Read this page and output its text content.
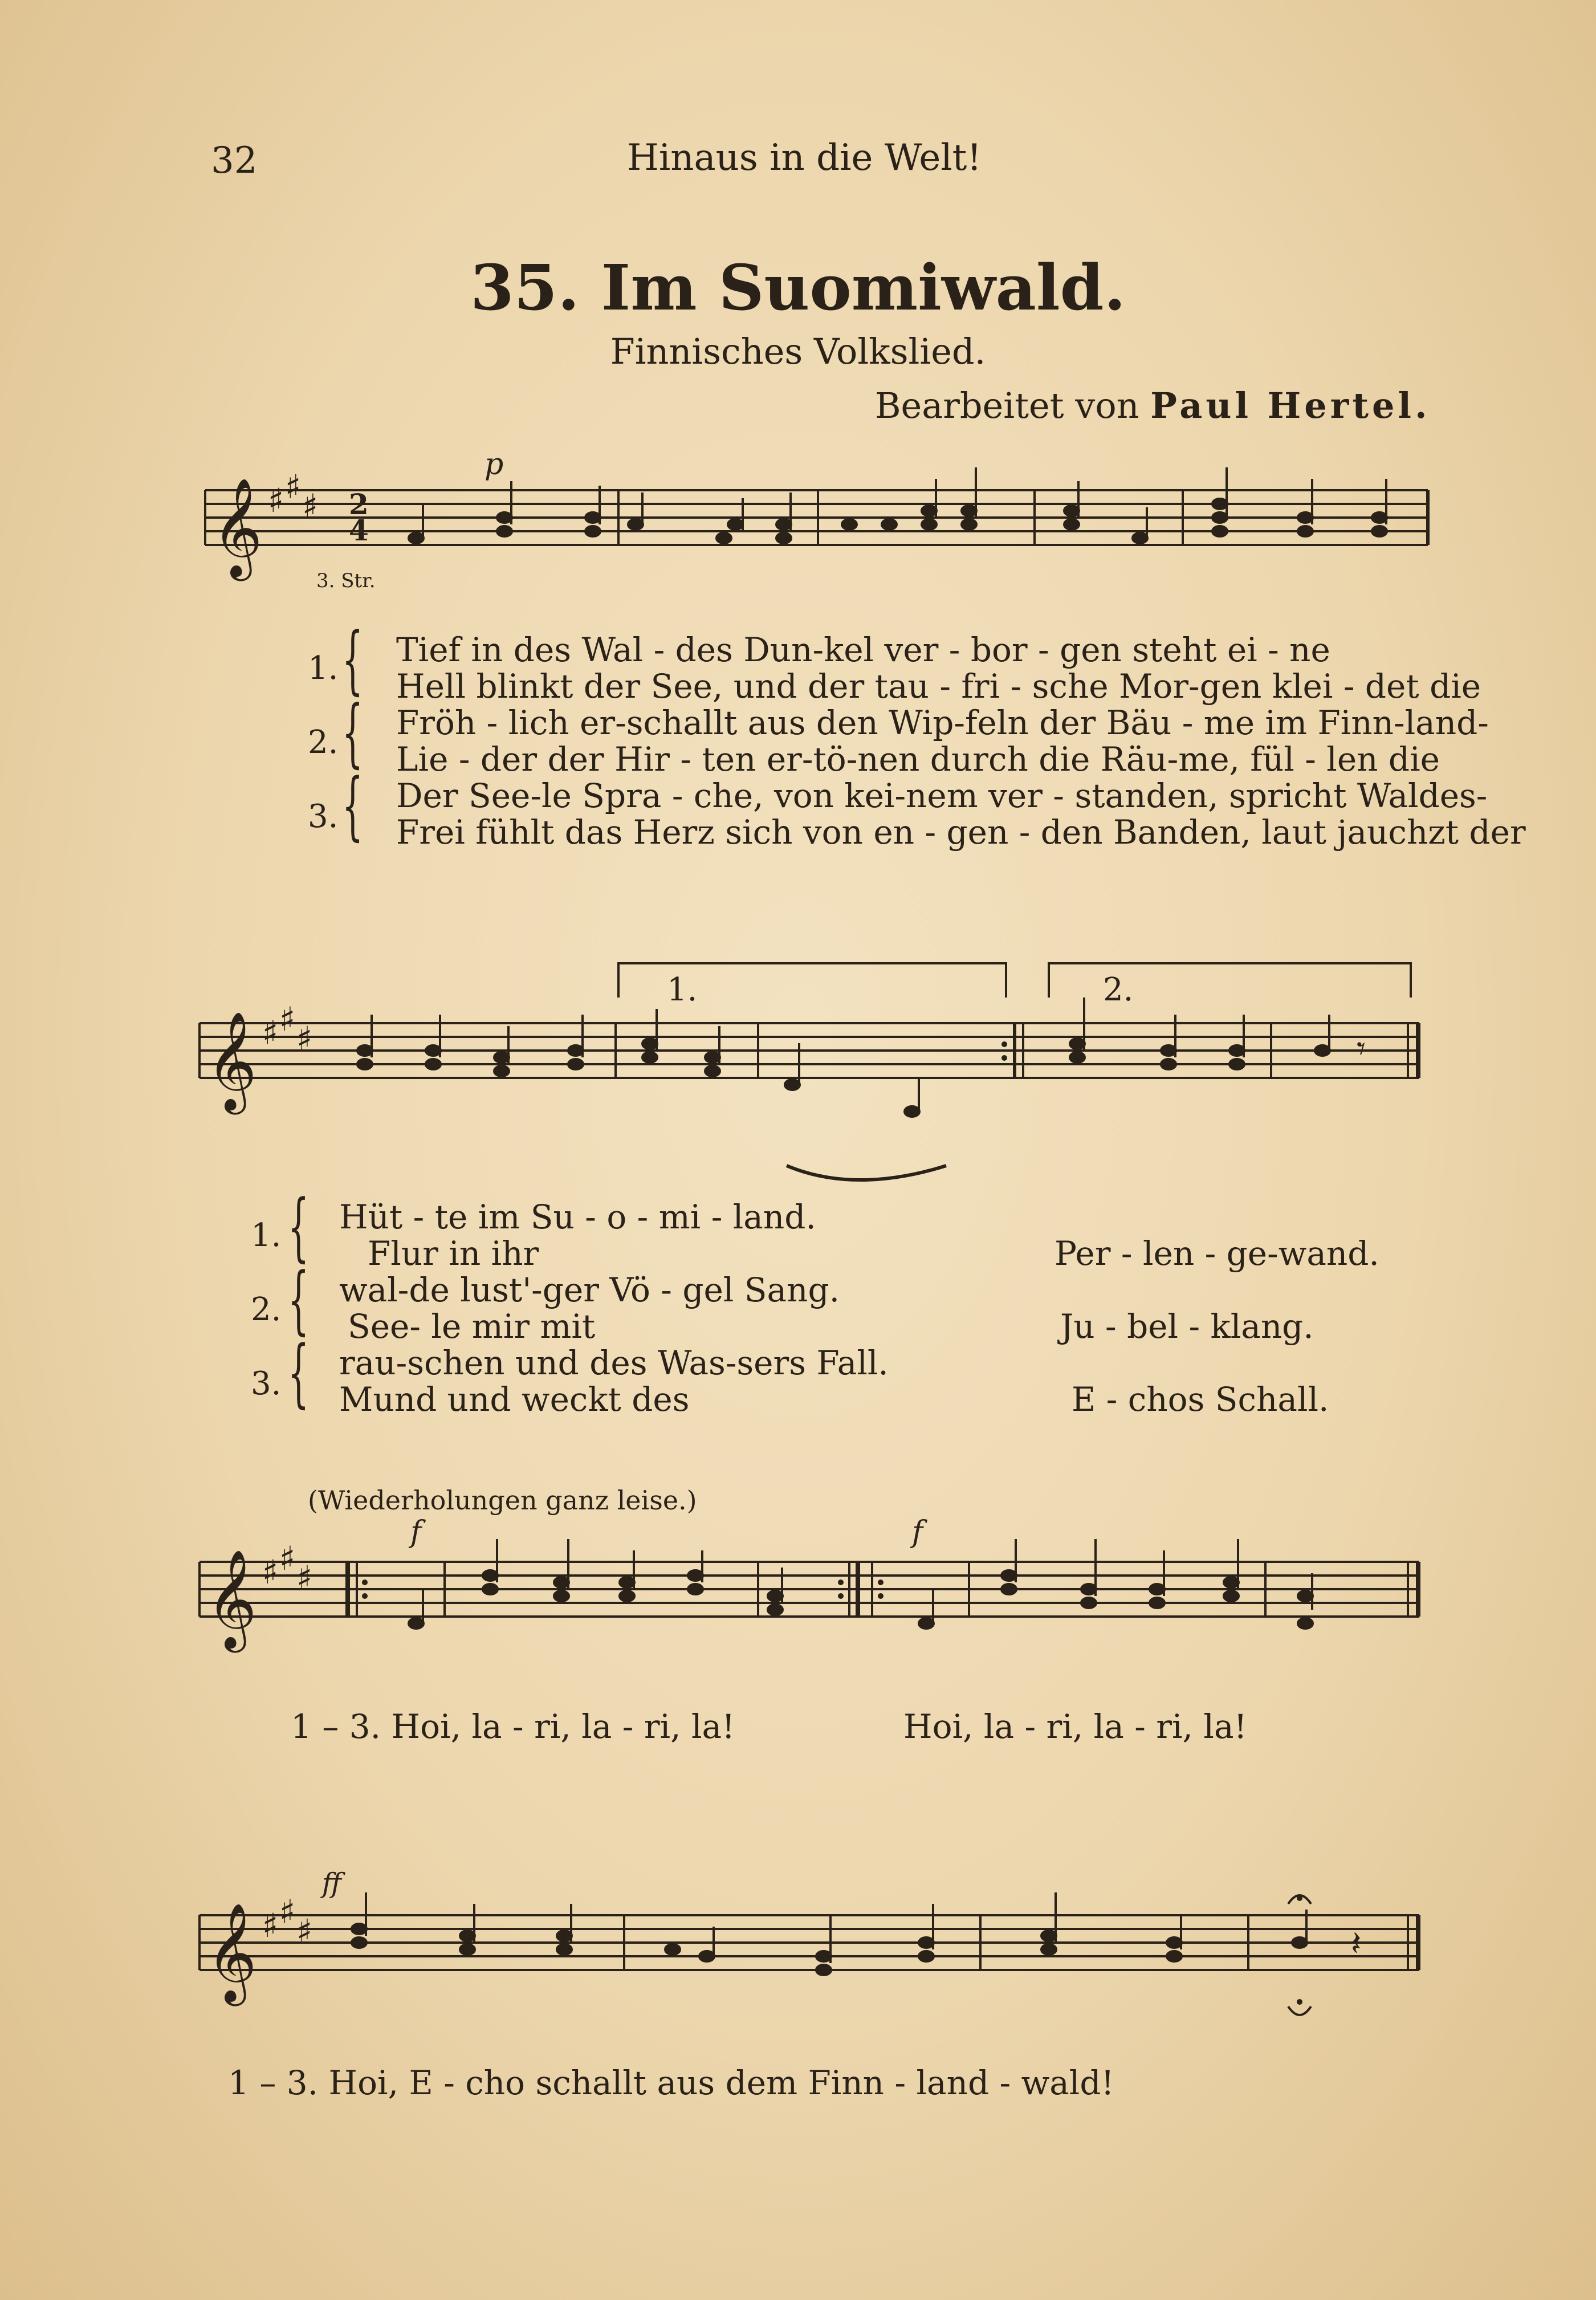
32	Hinaus in die Welt!
35. Im Suomiwald.
Finnisches Volkslied.
Bearbeitet von Paul Hertel.
𝄞 ♯ ♯ ♯ 2
4
p
3. Str.
1. { Tief in des Wal - des Dun-kel ver - bor - gen steht ei - ne
Hell blinkt der See, und der tau - fri - sche Mor-gen klei - det die
2. { Fröh - lich er-schallt aus den Wip-feln der Bäu - me im Finn-land-
Lie - der der Hir - ten er-tö-nen durch die Räu-me, fül - len die
3. { Der See-le Spra - che, von kei-nem ver - standen, spricht Waldes-
Frei fühlt das Herz sich von en - gen - den Banden, laut jauchzt der
1.	2.
𝄞 ♯ ♯ ♯	𝄾
1. { Hüt - te im Su - o - mi - land.
Flur in ihr	Per - len - ge-wand.
2. { wal-de lust'-ger Vö - gel Sang.
See- le mir mit	Ju - bel - klang.
3. { rau-schen und des Was-sers Fall.
Mund und weckt des	E - chos Schall.
(Wiederholungen ganz leise.)
𝄞 ♯ ♯ ♯
f	f
1 – 3. Hoi, la - ri, la - ri, la!	Hoi, la - ri, la - ri, la!
𝄞 ♯ ♯ ♯
ff
𝄽
1 – 3. Hoi, E - cho schallt aus dem Finn - land - wald!
